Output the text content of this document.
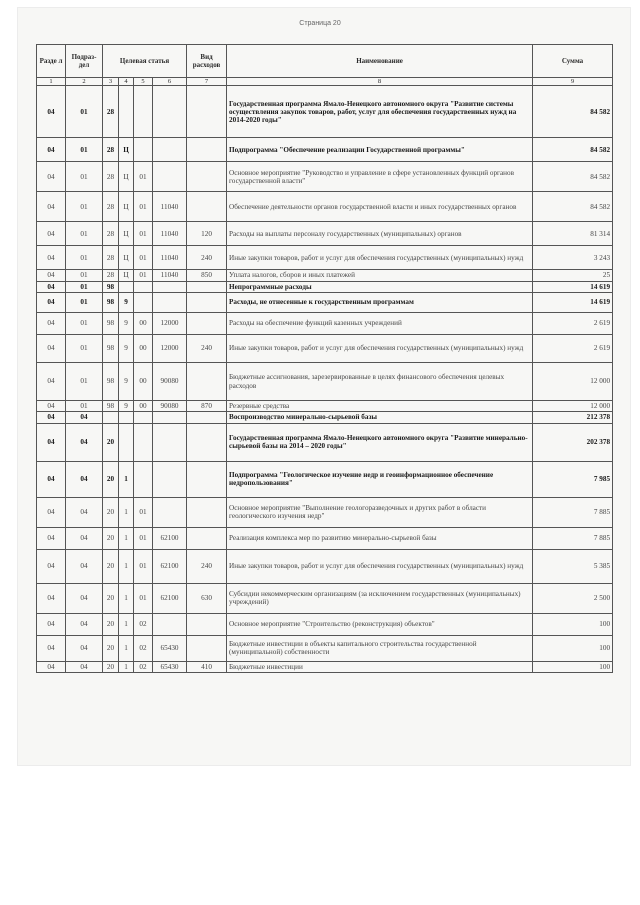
Страница 20
Разде л	Подраз- дел	Целевая статья				Вид расходов	Наименование	Сумма
1	2	3	4	5	6	7	8	9
04	01	28					Государственная программа Ямало-Ненецкого автономного округа "Развитие системы осуществления закупок товаров, работ, услуг для обеспечения государственных нужд на 2014-2020 годы"	84 582
04	01	28	Ц				Подпрограмма "Обеспечение реализации Государственной программы"	84 582
04	01	28	Ц	01			Основное мероприятие "Руководство и управление в сфере установленных функций органов государственной власти"	84 582
04	01	28	Ц	01	11040		Обеспечение деятельности органов государственной власти и иных государственных органов	84 582
04	01	28	Ц	01	11040	120	Расходы на выплаты персоналу государственных (муниципальных) органов	81 314
04	01	28	Ц	01	11040	240	Иные закупки товаров, работ и услуг для обеспечения государственных (муниципальных) нужд	3 243
04	01	28	Ц	01	11040	850	Уплата налогов, сборов и иных платежей	25
04	01	98					Непрограммные расходы	14 619
04	01	98	9				Расходы, не отнесенные к государственным программам	14 619
04	01	98	9	00	12000		Расходы на обеспечение функций казенных учреждений	2 619
04	01	98	9	00	12000	240	Иные закупки товаров, работ и услуг для обеспечения государственных (муниципальных) нужд	2 619
04	01	98	9	00	90080		Бюджетные ассигнования, зарезервированные в целях финансового обеспечения целевых расходов	12 000
04	01	98	9	00	90080	870	Резервные средства	12 000
04	04						Воспроизводство минерально-сырьевой базы	212 378
04	04	20					Государственная программа Ямало-Ненецкого автономного округа "Развитие минерально-сырьевой базы на 2014 – 2020 годы"	202 378
04	04	20	1				Подпрограмма "Геологическое изучение недр и геоинформационное обеспечение недропользования"	7 985
04	04	20	1	01			Основное мероприятие "Выполнение геологоразведочных и других работ в области геологического изучения недр"	7 885
04	04	20	1	01	62100		Реализация комплекса мер по развитию минерально-сырьевой базы	7 885
04	04	20	1	01	62100	240	Иные закупки товаров, работ и услуг для обеспечения государственных (муниципальных) нужд	5 385
04	04	20	1	01	62100	630	Субсидии некоммерческим организациям (за исключением государственных (муниципальных) учреждений)	2 500
04	04	20	1	02			Основное мероприятие "Строительство (реконструкция) объектов"	100
04	04	20	1	02	65430		Бюджетные инвестиции в объекты капитального строительства государственной (муниципальной) собственности	100
04	04	20	1	02	65430	410	Бюджетные инвестиции	100
